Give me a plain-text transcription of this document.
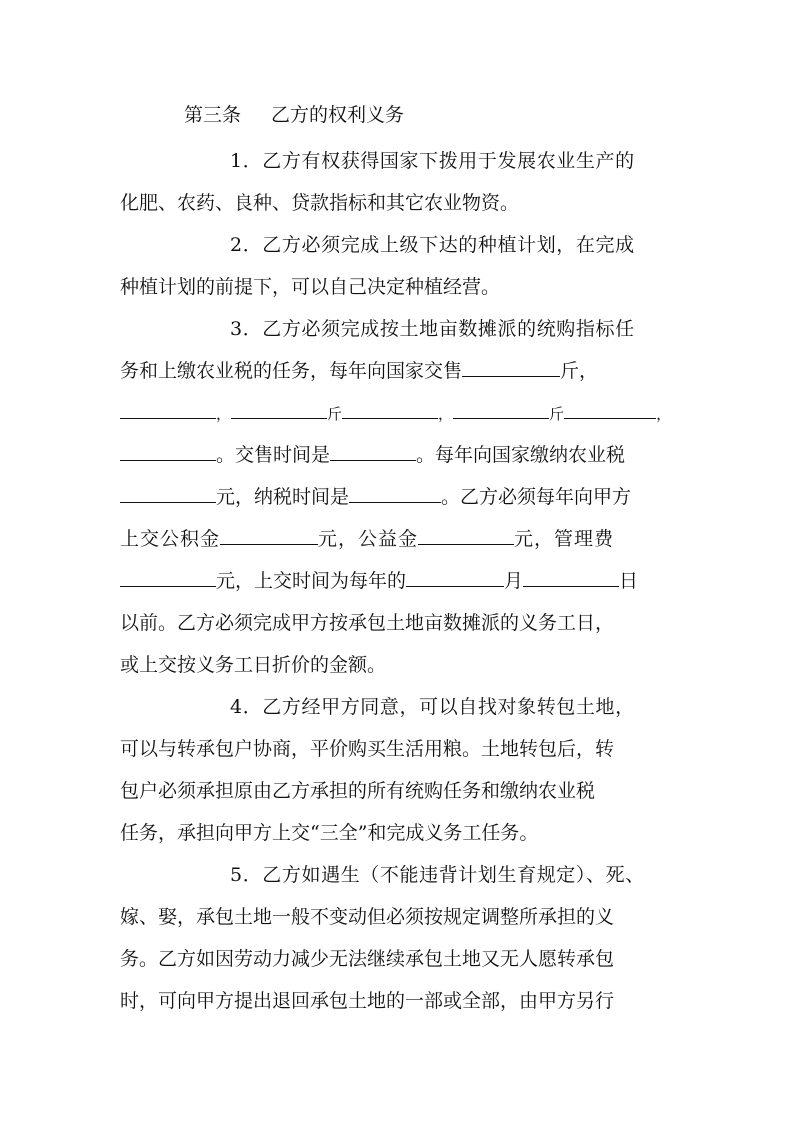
第三条 乙方的权利义务
1．乙方有权获得国家下拨用于发展农业生产的
化肥、农药、良种、贷款指标和其它农业物资。
2．乙方必须完成上级下达的种植计划，在完成
种植计划的前提下，可以自己决定种植经营。
3．乙方必须完成按土地亩数摊派的统购指标任
务和上缴农业税的任务，每年向国家交售	斤，
，	斤	，	斤	，
。交售时间是	。每年向国家缴纳农业税
元，纳税时间是	。乙方必须每年向甲方
上交公积金	元，公益金	元，管理费
元，上交时间为每年的	月	日
以前。乙方必须完成甲方按承包土地亩数摊派的义务工日，
或上交按义务工日折价的金额。
4．乙方经甲方同意，可以自找对象转包土地，
可以与转承包户协商，平价购买生活用粮。土地转包后，转
包户必须承担原由乙方承担的所有统购任务和缴纳农业税
任务，承担向甲方上交“三全”和完成义务工任务。
5．乙方如遇生（不能违背计划生育规定）、死、
嫁、娶，承包土地一般不变动但必须按规定调整所承担的义
务。乙方如因劳动力减少无法继续承包土地又无人愿转承包
时，可向甲方提出退回承包土地的一部或全部，由甲方另行
